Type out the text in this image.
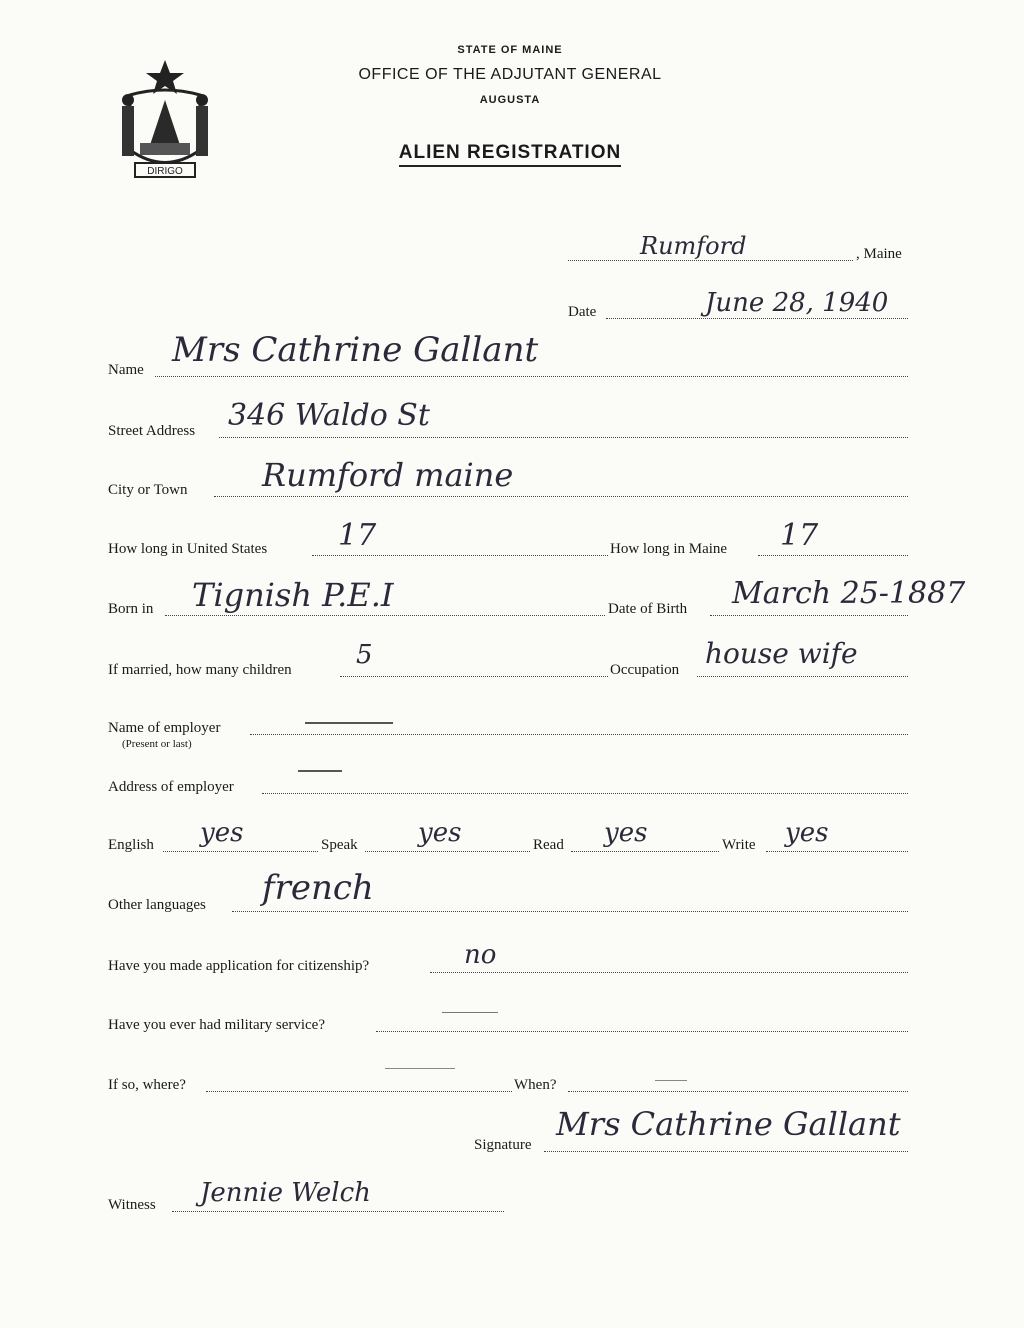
DIRIGO
STATE OF MAINE
OFFICE OF THE ADJUTANT GENERAL
AUGUSTA
ALIEN REGISTRATION
Rumford	, Maine
Date	June 28, 1940
Name Mrs Cathrine Gallant
Street Address 346 Waldo St
City or Town Rumford maine
How long in United States 17	How long in Maine 17
Born in Tignish P.E.I	Date of Birth March 25-1887
If married, how many children 5	Occupation house wife
Name of employer
(Present or last)
Address of employer
English yes	Speak yes	Read yes	Write yes
Other languages french
Have you made application for citizenship?	no
Have you ever had military service?
If so, where?	When?
Signature
Mrs Cathrine Gallant
Witness Jennie Welch
